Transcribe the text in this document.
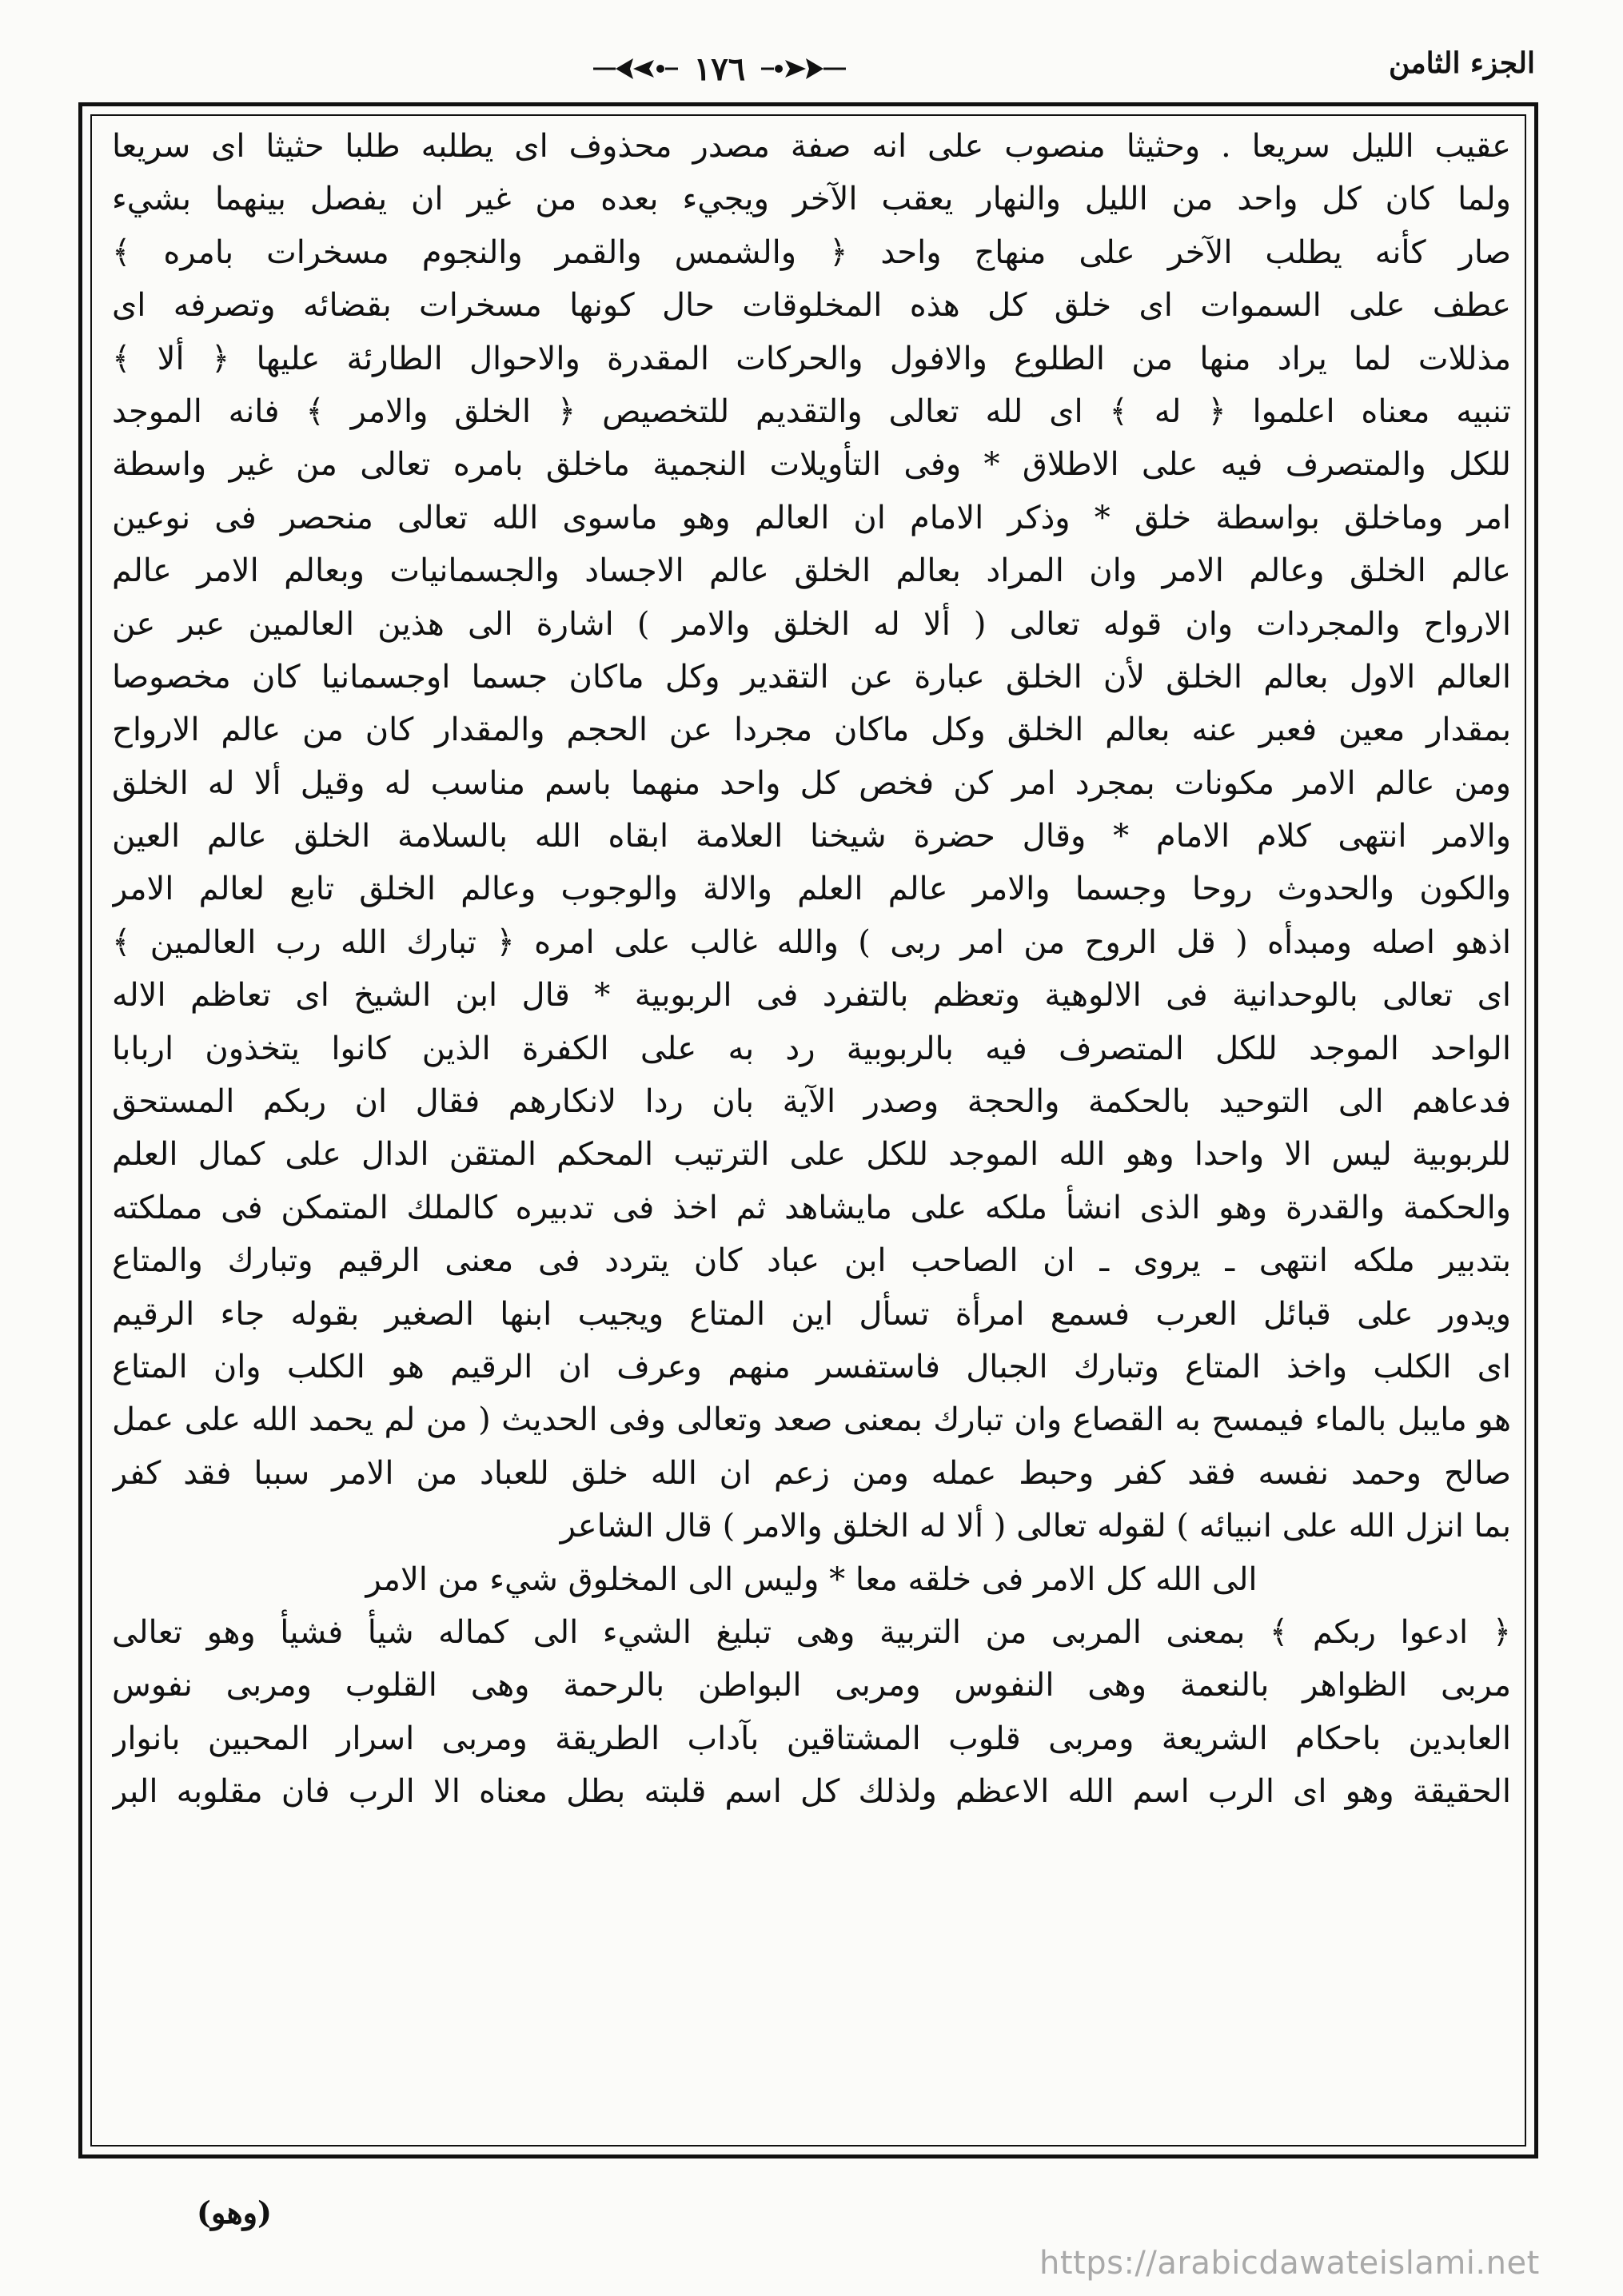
الجزء الثامن
١٧٦
عقيب الليل سريعا . وحثيثا منصوب على انه صفة مصدر محذوف اى يطلبه طلبا حثيثا اى سريعا
ولما كان كل واحد من الليل والنهار يعقب الآخر ويجيء بعده من غير ان يفصل بينهما بشيء
صار كأنه يطلب الآخر على منهاج واحد ﴿ والشمس والقمر والنجوم مسخرات بامره ﴾
عطف على السموات اى خلق كل هذه المخلوقات حال كونها مسخرات بقضائه وتصرفه اى
مذللات لما يراد منها من الطلوع والافول والحركات المقدرة والاحوال الطارئة عليها ﴿ ألا ﴾
تنبيه معناه اعلموا ﴿ له ﴾ اى لله تعالى والتقديم للتخصيص ﴿ الخلق والامر ﴾ فانه الموجد
للكل والمتصرف فيه على الاطلاق * وفى التأويلات النجمية ماخلق بامره تعالى من غير واسطة
امر وماخلق بواسطة خلق * وذكر الامام ان العالم وهو ماسوى الله تعالى منحصر فى نوعين
عالم الخلق وعالم الامر وان المراد بعالم الخلق عالم الاجساد والجسمانيات وبعالم الامر عالم
الارواح والمجردات وان قوله تعالى ( ألا له الخلق والامر ) اشارة الى هذين العالمين عبر عن
العالم الاول بعالم الخلق لأن الخلق عبارة عن التقدير وكل ماكان جسما اوجسمانيا كان مخصوصا
بمقدار معين فعبر عنه بعالم الخلق وكل ماكان مجردا عن الحجم والمقدار كان من عالم الارواح
ومن عالم الامر مكونات بمجرد امر كن فخص كل واحد منهما باسم مناسب له وقيل ألا له الخلق
والامر انتهى كلام الامام * وقال حضرة شيخنا العلامة ابقاه الله بالسلامة الخلق عالم العين
والكون والحدوث روحا وجسما والامر عالم العلم والالة والوجوب وعالم الخلق تابع لعالم الامر
اذهو اصله ومبدأه ( قل الروح من امر ربى ) والله غالب على امره ﴿ تبارك الله رب العالمين ﴾
اى تعالى بالوحدانية فى الالوهية وتعظم بالتفرد فى الربوبية * قال ابن الشيخ اى تعاظم الاله
الواحد الموجد للكل المتصرف فيه بالربوبية رد به على الكفرة الذين كانوا يتخذون اربابا
فدعاهم الى التوحيد بالحكمة والحجة وصدر الآية بان ردا لانكارهم فقال ان ربكم المستحق
للربوبية ليس الا واحدا وهو الله الموجد للكل على الترتيب المحكم المتقن الدال على كمال العلم
والحكمة والقدرة وهو الذى انشأ ملكه على مايشاهد ثم اخذ فى تدبيره كالملك المتمكن فى مملكته
بتدبير ملكه انتهى ـ يروى ـ ان الصاحب ابن عباد كان يتردد فى معنى الرقيم وتبارك والمتاع
ويدور على قبائل العرب فسمع امرأة تسأل اين المتاع ويجيب ابنها الصغير بقوله جاء الرقيم
اى الكلب واخذ المتاع وتبارك الجبال فاستفسر منهم وعرف ان الرقيم هو الكلب وان المتاع
هو مايبل بالماء فيمسح به القصاع وان تبارك بمعنى صعد وتعالى وفى الحديث ( من لم يحمد الله على عمل
صالح وحمد نفسه فقد كفر وحبط عمله ومن زعم ان الله خلق للعباد من الامر سببا فقد كفر
بما انزل الله على انبيائه ) لقوله تعالى ( ألا له الخلق والامر ) قال الشاعر
الى الله كل الامر فى خلقه معا * وليس الى المخلوق شيء من الامر
﴿ ادعوا ربكم ﴾ بمعنى المربى من التربية وهى تبليغ الشيء الى كماله شيأ فشيأ وهو تعالى
مربى الظواهر بالنعمة وهى النفوس ومربى البواطن بالرحمة وهى القلوب ومربى نفوس
العابدين باحكام الشريعة ومربى قلوب المشتاقين بآداب الطريقة ومربى اسرار المحبين بانوار
الحقيقة وهو اى الرب اسم الله الاعظم ولذلك كل اسم قلبته بطل معناه الا الرب فان مقلوبه البر
(وهو)
https://arabicdawateislami.net
